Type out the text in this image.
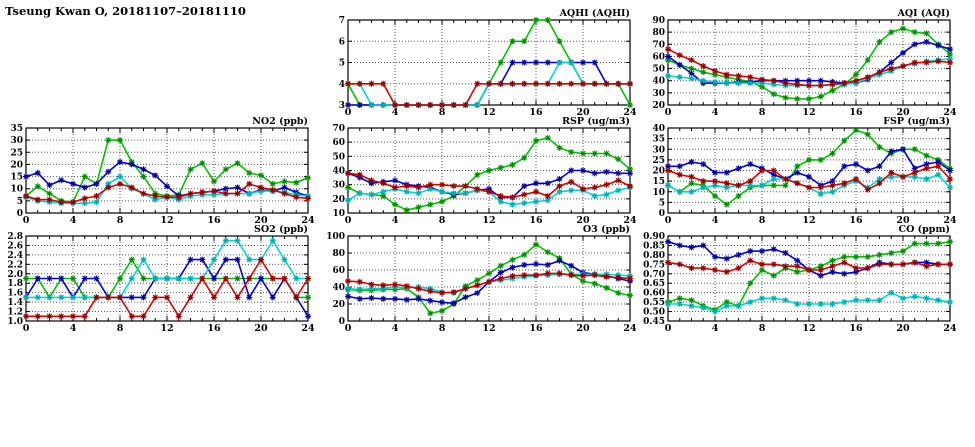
Tseung Kwan O, 20181107–20181110
3
4
5
6
7
0	4	8	12	16	20	24
AQHI (AQHI)
20
30
40
50
60
70
80
90
0	4	8	12	16	20	24
AQI (AQI)
0
5
10
15
20
25
30
35
0	4	8	12	16	20	24
NO2 (ppb)
10
20
30
40
50
60
70
0	4	8	12	16	20	24
RSP (ug/m3)
0
5
10
15
20
25
30
35
40
0	4	8	12	16	20	24
FSP (ug/m3)
1.0
1.2
1.4
1.6
1.8
2.0
2.2
2.4
2.6
2.8
0	4	8	12	16	20	24
SO2 (ppb)
0
20
40
60
80
100
0	4	8	12	16	20	24
O3 (ppb)
0.45
0.50
0.55
0.60
0.65
0.70
0.75
0.80
0.85
0.90
0	4	8	12	16	20	24
CO (ppm)
